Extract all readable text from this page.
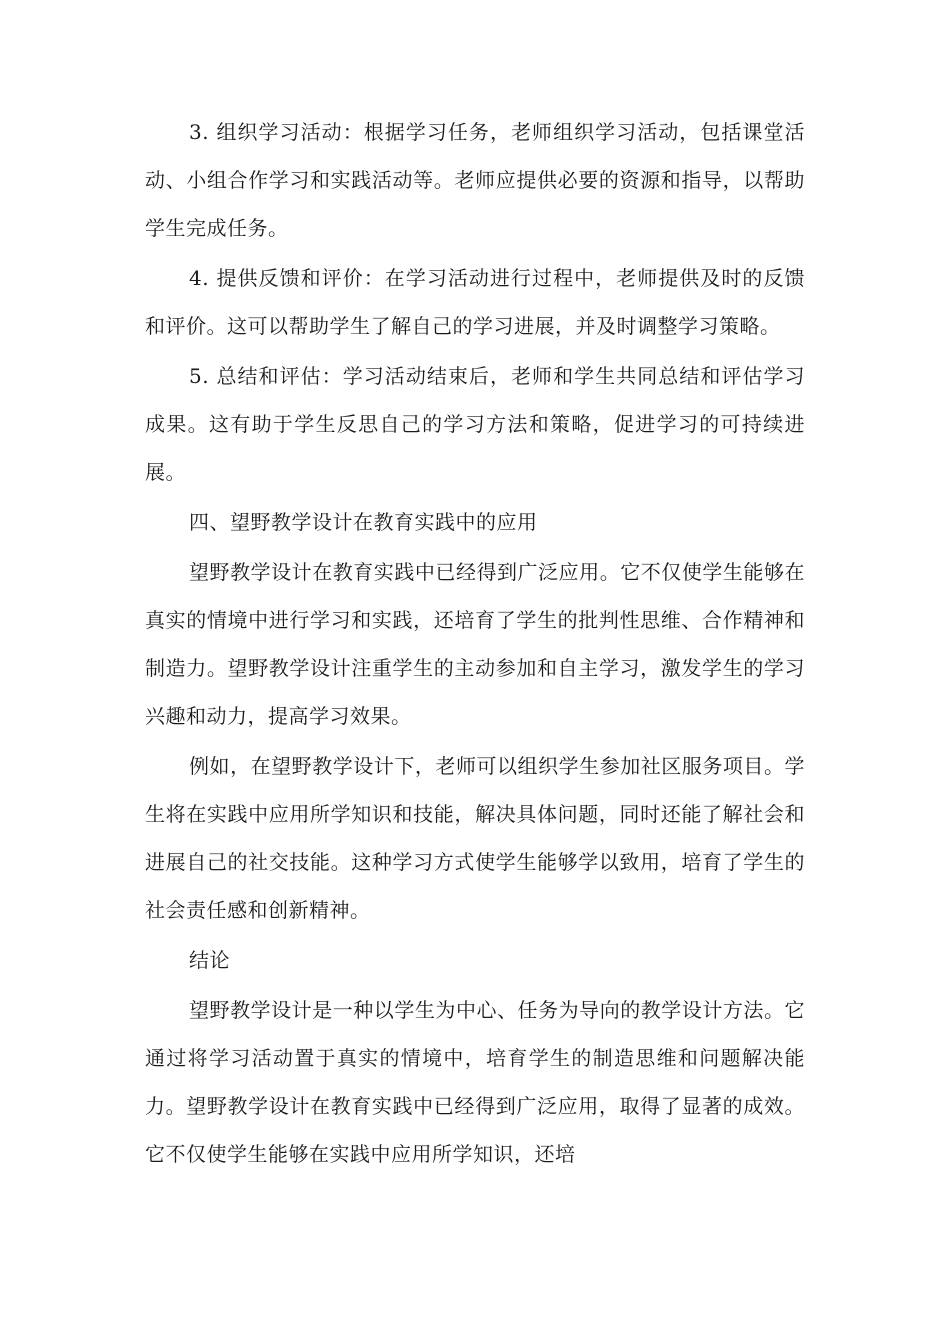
3. 组织学习活动：根据学习任务，老师组织学习活动，包括课堂活动、小组合作学习和实践活动等。老师应提供必要的资源和指导，以帮助学生完成任务。

4. 提供反馈和评价：在学习活动进行过程中，老师提供及时的反馈和评价。这可以帮助学生了解自己的学习进展，并及时调整学习策略。

5. 总结和评估：学习活动结束后，老师和学生共同总结和评估学习成果。这有助于学生反思自己的学习方法和策略，促进学习的可持续进展。

四、望野教学设计在教育实践中的应用

望野教学设计在教育实践中已经得到广泛应用。它不仅使学生能够在真实的情境中进行学习和实践，还培育了学生的批判性思维、合作精神和制造力。望野教学设计注重学生的主动参加和自主学习，激发学生的学习兴趣和动力，提高学习效果。

例如，在望野教学设计下，老师可以组织学生参加社区服务项目。学生将在实践中应用所学知识和技能，解决具体问题，同时还能了解社会和进展自己的社交技能。这种学习方式使学生能够学以致用，培育了学生的社会责任感和创新精神。

结论

望野教学设计是一种以学生为中心、任务为导向的教学设计方法。它通过将学习活动置于真实的情境中，培育学生的制造思维和问题解决能力。望野教学设计在教育实践中已经得到广泛应用，取得了显著的成效。它不仅使学生能够在实践中应用所学知识，还培
